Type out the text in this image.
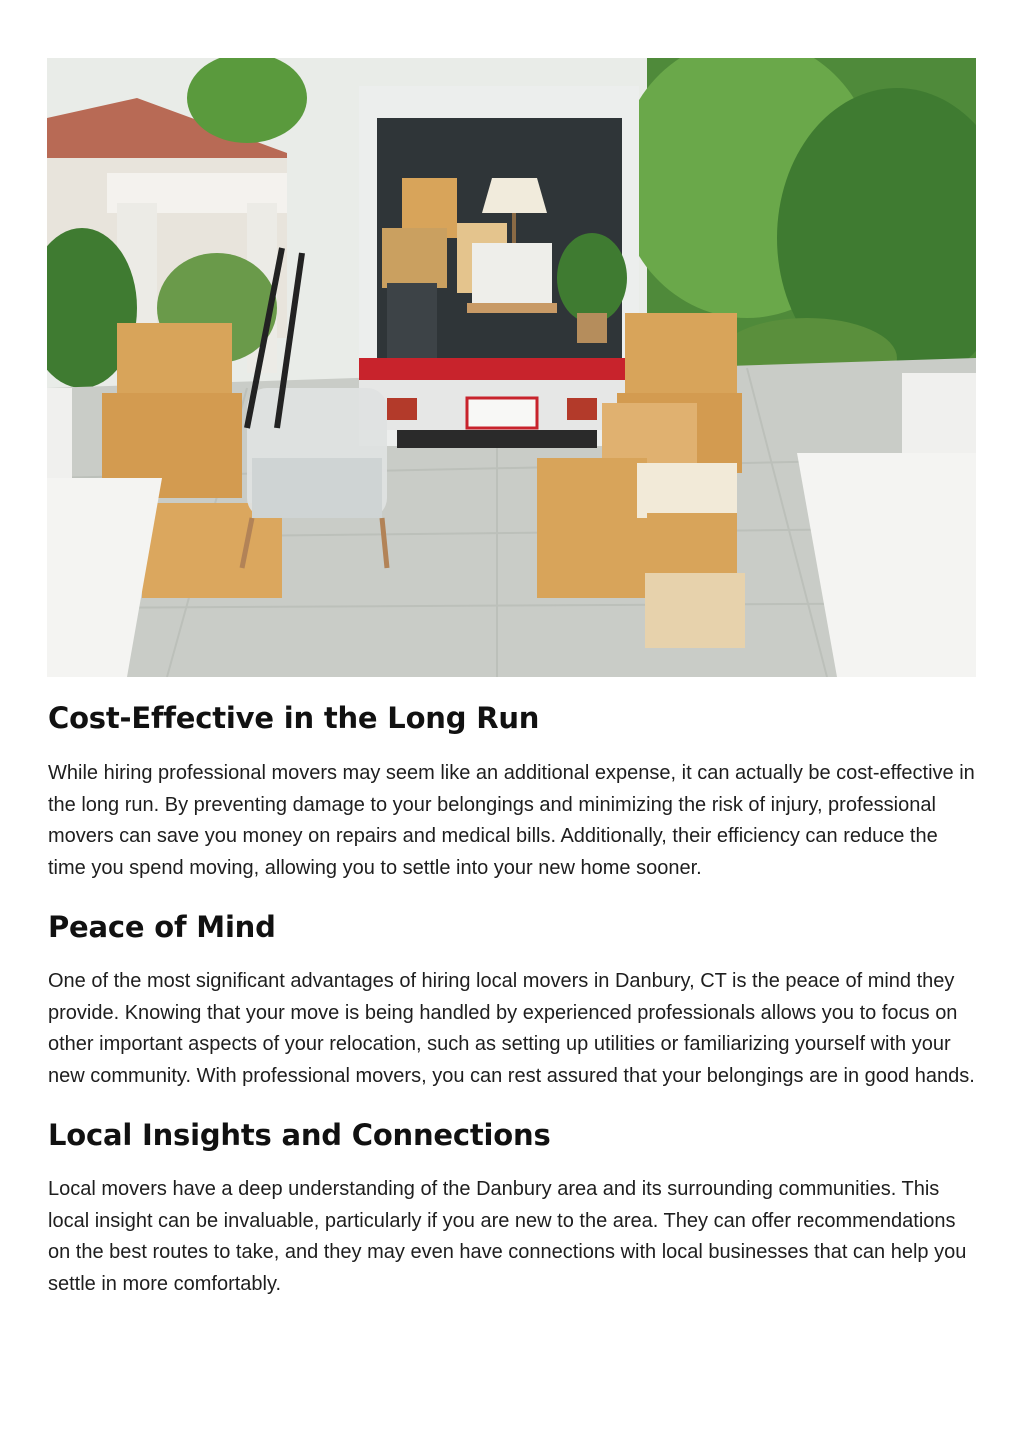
Cost-Effective in the Long Run

While hiring professional movers may seem like an additional expense, it can actually be cost-effective in the long run. By preventing damage to your belongings and minimizing the risk of injury, professional movers can save you money on repairs and medical bills. Additionally, their efficiency can reduce the time you spend moving, allowing you to settle into your new home sooner.

Peace of Mind

One of the most significant advantages of hiring local movers in Danbury, CT is the peace of mind they provide. Knowing that your move is being handled by experienced professionals allows you to focus on other important aspects of your relocation, such as setting up utilities or familiarizing yourself with your new community. With professional movers, you can rest assured that your belongings are in good hands.

Local Insights and Connections

Local movers have a deep understanding of the Danbury area and its surrounding communities. This local insight can be invaluable, particularly if you are new to the area. They can offer recommendations on the best routes to take, and they may even have connections with local businesses that can help you settle in more comfortably.
